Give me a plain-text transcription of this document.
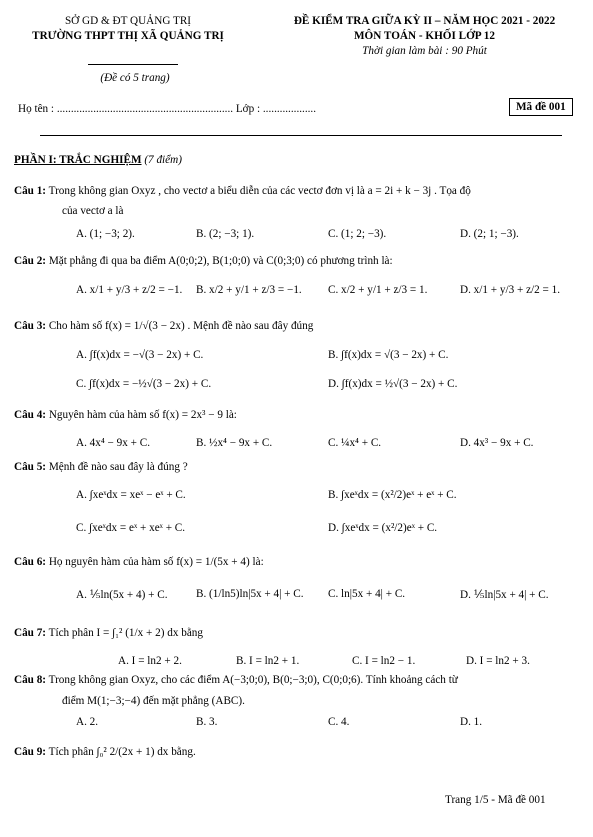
SỞ GD & ĐT QUẢNG TRỊ
TRƯỜNG THPT THỊ XÃ QUẢNG TRỊ
(Đề có 5 trang)
ĐỀ KIỂM TRA GIỮA KỲ II – NĂM HỌC 2021 - 2022
MÔN TOÁN - KHỐI LỚP 12
Thời gian làm bài : 90 Phút
Họ tên : ............................................................... Lớp : ...................	Mã đề 001
PHẦN I: TRẮC NGHIỆM (7 điểm)
Câu 1: Trong không gian Oxyz , cho vectơ a biểu diễn của các vectơ đơn vị là a = 2i + k − 3j . Tọa độ
của vectơ a là
A. (1; −3; 2).	B. (2; −3; 1).	C. (1; 2; −3).	D. (2; 1; −3).
Câu 2: Mặt phẳng đi qua ba điểm A(0;0;2), B(1;0;0) và C(0;3;0) có phương trình là:
A. x/1 + y/3 + z/2 = −1. B. x/2 + y/1 + z/3 = −1. C. x/2 + y/1 + z/3 = 1.	D. x/1 + y/3 + z/2 = 1.
Câu 3: Cho hàm số f(x) = 1/√(3 − 2x) . Mệnh đề nào sau đây đúng
A. ∫f(x)dx = −√(3 − 2x) + C.	B. ∫f(x)dx = √(3 − 2x) + C.
C. ∫f(x)dx = −½√(3 − 2x) + C.	D. ∫f(x)dx = ½√(3 − 2x) + C.
Câu 4: Nguyên hàm của hàm số f(x) = 2x³ − 9 là:
A. 4x⁴ − 9x + C.	B. ½x⁴ − 9x + C.	C. ¼x⁴ + C.	D. 4x³ − 9x + C.
Câu 5: Mệnh đề nào sau đây là đúng ?
A. ∫xeˣdx = xeˣ − eˣ + C.	B. ∫xeˣdx = (x²/2)eˣ + eˣ + C.
C. ∫xeˣdx = eˣ + xeˣ + C.	D. ∫xeˣdx = (x²/2)eˣ + C.
Câu 6: Họ nguyên hàm của hàm số f(x) = 1/(5x + 4) là:
A. ⅕ln(5x + 4) + C.	B. (1/ln5)ln|5x + 4| + C. C. ln|5x + 4| + C.	D. ⅕ln|5x + 4| + C.
Câu 7: Tích phân I = ∫₁² (1/x + 2) dx bằng
A. I = ln2 + 2.	B. I = ln2 + 1.	C. I = ln2 − 1.	D. I = ln2 + 3.
Câu 8: Trong không gian Oxyz, cho các điểm A(−3;0;0), B(0;−3;0), C(0;0;6). Tính khoảng cách từ
điểm M(1;−3;−4) đến mặt phẳng (ABC).
A. 2.	B. 3.	C. 4.	D. 1.
Câu 9: Tích phân ∫₀² 2/(2x + 1) dx bằng.
Trang 1/5 - Mã đề 001
